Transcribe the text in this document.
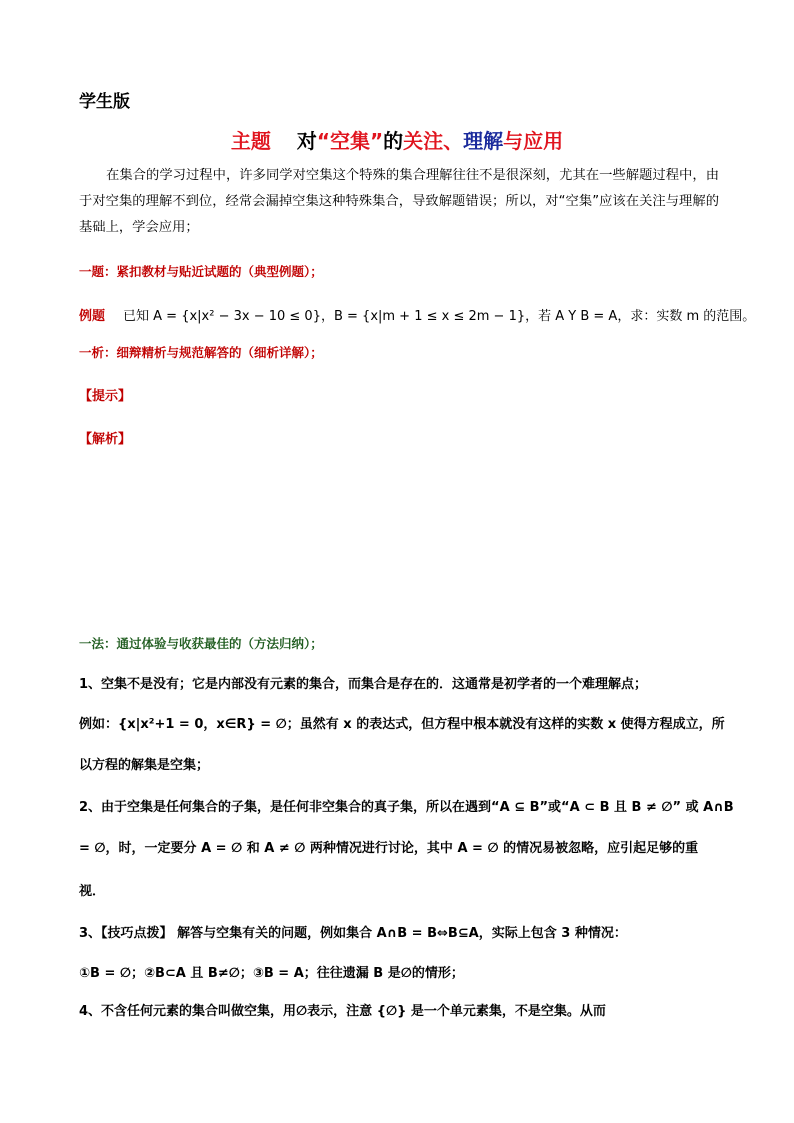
学生版
主题 对“空集”的关注、理解与应用
在集合的学习过程中，许多同学对空集这个特殊的集合理解往往不是很深刻，尤其在一些解题过程中，由于对空集的理解不到位，经常会漏掉空集这种特殊集合，导致解题错误；所以，对“空集”应该在关注与理解的基础上，学会应用；
一题：紧扣教材与贴近试题的（典型例题）；
例题 已知 A = {x|x² − 3x − 10 ≤ 0}，B = {x|m + 1 ≤ x ≤ 2m − 1}，若 A Y B = A，求：实数 m 的范围。
一析：细辩精析与规范解答的（细析详解）；
【提示】
【解析】
一法：通过体验与收获最佳的（方法归纳）；
1、空集不是没有；它是内部没有元素的集合，而集合是存在的．这通常是初学者的一个难理解点；
例如：{x|x²+1 = 0，x∈R} = ∅；虽然有 x 的表达式，但方程中根本就没有这样的实数 x 使得方程成立，所
以方程的解集是空集；
2、由于空集是任何集合的子集，是任何非空集合的真子集，所以在遇到“A ⊆ B”或“A ⊂ B 且 B ≠ ∅” 或 A∩B
= ∅，时，一定要分 A = ∅ 和 A ≠ ∅ 两种情况进行讨论，其中 A = ∅ 的情况易被忽略，应引起足够的重
视．
3、【技巧点拨】 解答与空集有关的问题，例如集合 A∩B = B⇔B⊆A，实际上包含 3 种情况：
①B = ∅；②B⊂A 且 B≠∅；③B = A；往往遗漏 B 是∅的情形；
4、不含任何元素的集合叫做空集，用∅表示，注意 {∅} 是一个单元素集，不是空集。从而
